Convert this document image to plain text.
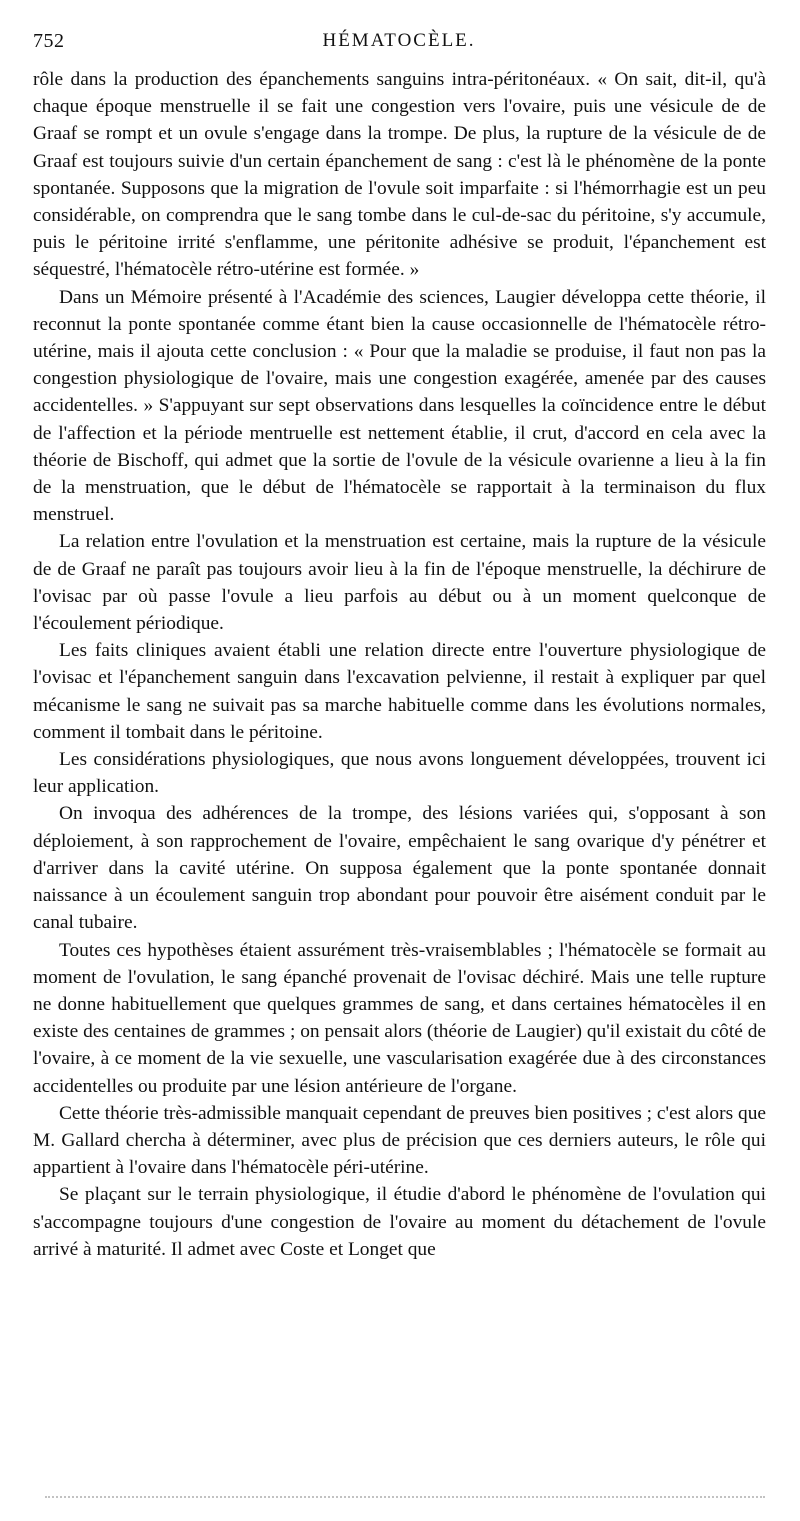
752	HÉMATOCÈLE.

rôle dans la production des épanchements sanguins intra-péritonéaux. « On sait, dit-il, qu'à chaque époque menstruelle il se fait une congestion vers l'ovaire, puis une vésicule de de Graaf se rompt et un ovule s'engage dans la trompe. De plus, la rupture de la vésicule de de Graaf est toujours suivie d'un certain épanchement de sang : c'est là le phénomène de la ponte spontanée. Supposons que la migration de l'ovule soit imparfaite : si l'hémorrhagie est un peu considérable, on comprendra que le sang tombe dans le cul-de-sac du péritoine, s'y accumule, puis le péritoine irrité s'enflamme, une péritonite adhésive se produit, l'épanchement est séquestré, l'hématocèle rétro-utérine est formée. »

Dans un Mémoire présenté à l'Académie des sciences, Laugier développa cette théorie, il reconnut la ponte spontanée comme étant bien la cause occasionnelle de l'hématocèle rétro-utérine, mais il ajouta cette conclusion : « Pour que la maladie se produise, il faut non pas la congestion physiologique de l'ovaire, mais une congestion exagérée, amenée par des causes accidentelles. » S'appuyant sur sept observations dans lesquelles la coïncidence entre le début de l'affection et la période mentruelle est nettement établie, il crut, d'accord en cela avec la théorie de Bischoff, qui admet que la sortie de l'ovule de la vésicule ovarienne a lieu à la fin de la menstruation, que le début de l'hématocèle se rapportait à la terminaison du flux menstruel.

La relation entre l'ovulation et la menstruation est certaine, mais la rupture de la vésicule de de Graaf ne paraît pas toujours avoir lieu à la fin de l'époque menstruelle, la déchirure de l'ovisac par où passe l'ovule a lieu parfois au début ou à un moment quelconque de l'écoulement périodique.

Les faits cliniques avaient établi une relation directe entre l'ouverture physiologique de l'ovisac et l'épanchement sanguin dans l'excavation pelvienne, il restait à expliquer par quel mécanisme le sang ne suivait pas sa marche habituelle comme dans les évolutions normales, comment il tombait dans le péritoine.

Les considérations physiologiques, que nous avons longuement développées, trouvent ici leur application.

On invoqua des adhérences de la trompe, des lésions variées qui, s'opposant à son déploiement, à son rapprochement de l'ovaire, empêchaient le sang ovarique d'y pénétrer et d'arriver dans la cavité utérine. On supposa également que la ponte spontanée donnait naissance à un écoulement sanguin trop abondant pour pouvoir être aisément conduit par le canal tubaire.

Toutes ces hypothèses étaient assurément très-vraisemblables ; l'hématocèle se formait au moment de l'ovulation, le sang épanché provenait de l'ovisac déchiré. Mais une telle rupture ne donne habituellement que quelques grammes de sang, et dans certaines hématocèles il en existe des centaines de grammes ; on pensait alors (théorie de Laugier) qu'il existait du côté de l'ovaire, à ce moment de la vie sexuelle, une vascularisation exagérée due à des circonstances accidentelles ou produite par une lésion antérieure de l'organe.

Cette théorie très-admissible manquait cependant de preuves bien positives ; c'est alors que M. Gallard chercha à déterminer, avec plus de précision que ces derniers auteurs, le rôle qui appartient à l'ovaire dans l'hématocèle péri-utérine.

Se plaçant sur le terrain physiologique, il étudie d'abord le phénomène de l'ovulation qui s'accompagne toujours d'une congestion de l'ovaire au moment du détachement de l'ovule arrivé à maturité. Il admet avec Coste et Longet que
